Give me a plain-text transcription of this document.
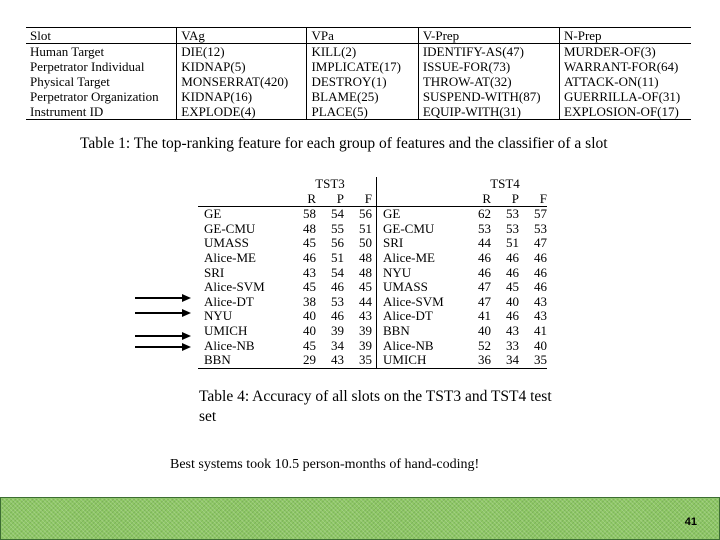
Slot	VAg	VPa	V-Prep	N-Prep
Human Target	DIE(12)	KILL(2)	IDENTIFY-AS(47)	MURDER-OF(3)
Perpetrator Individual	KIDNAP(5)	IMPLICATE(17)	ISSUE-FOR(73)	WARRANT-FOR(64)
Physical Target	MONSERRAT(420)	DESTROY(1)	THROW-AT(32)	ATTACK-ON(11)
Perpetrator Organization	KIDNAP(16)	BLAME(25)	SUSPEND-WITH(87)	GUERRILLA-OF(31)
Instrument ID	EXPLODE(4)	PLACE(5)	EQUIP-WITH(31)	EXPLOSION-OF(17)
Table 1: The top-ranking feature for each group of features and the classifier of a slot
	TST3					TST4		
	R	P	F			R	P	F
GE	58	54	56		GE	62	53	57
GE-CMU	48	55	51		GE-CMU	53	53	53
UMASS	45	56	50		SRI	44	51	47
Alice-ME	46	51	48		Alice-ME	46	46	46
SRI	43	54	48		NYU	46	46	46
Alice-SVM	45	46	45		UMASS	47	45	46
Alice-DT	38	53	44		Alice-SVM	47	40	43
NYU	40	46	43		Alice-DT	41	46	43
UMICH	40	39	39		BBN	40	43	41
Alice-NB	45	34	39		Alice-NB	52	33	40
BBN	29	43	35		UMICH	36	34	35
Table 4: Accuracy of all slots on the TST3 and TST4 test set
Best systems took 10.5 person-months of hand-coding!
41
